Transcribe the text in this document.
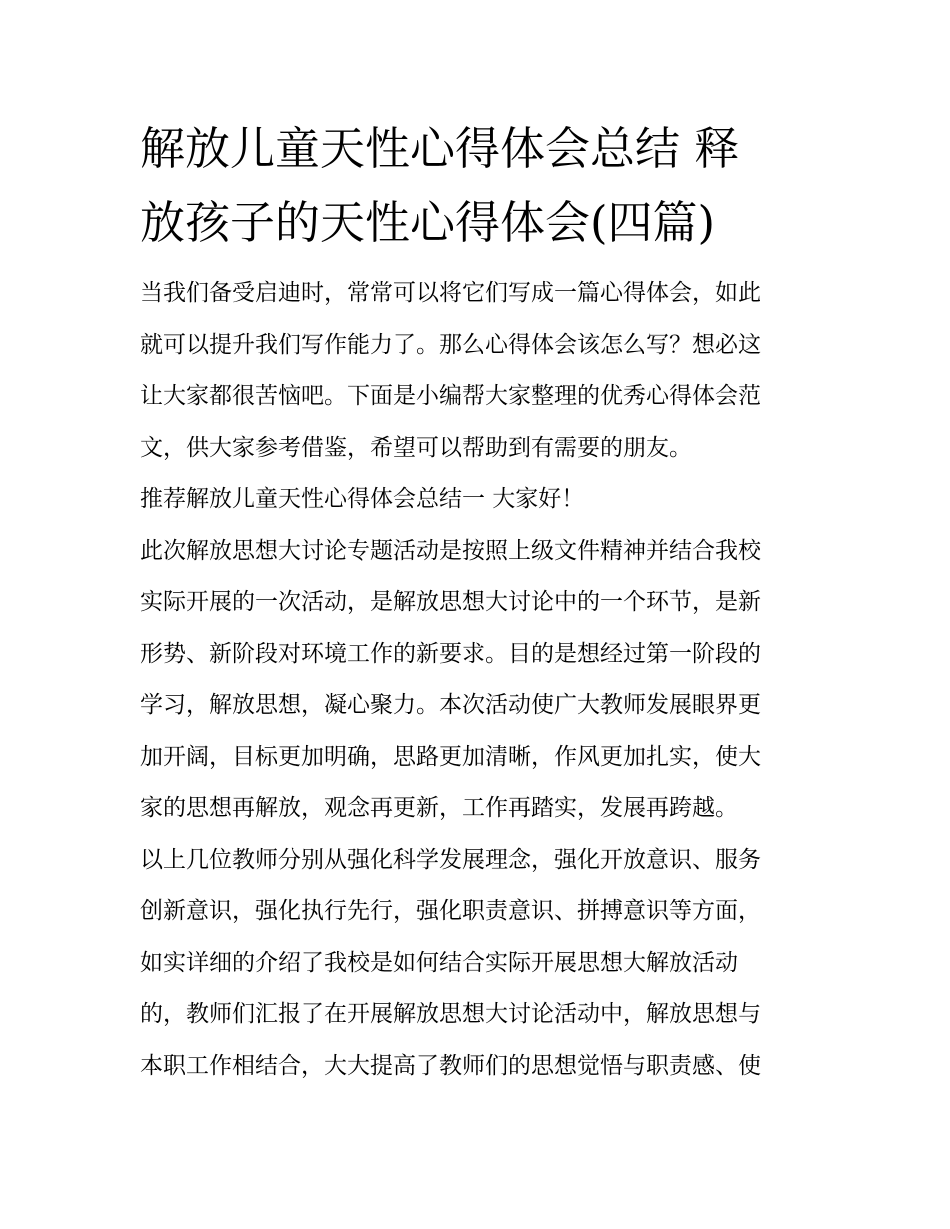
解放儿童天性心得体会总结 释
放孩子的天性心得体会(四篇)

当我们备受启迪时，常常可以将它们写成一篇心得体会，如此
就可以提升我们写作能力了。那么心得体会该怎么写？想必这
让大家都很苦恼吧。下面是小编帮大家整理的优秀心得体会范
文，供大家参考借鉴，希望可以帮助到有需要的朋友。

推荐解放儿童天性心得体会总结一 大家好！

此次解放思想大讨论专题活动是按照上级文件精神并结合我校
实际开展的一次活动，是解放思想大讨论中的一个环节，是新
形势、新阶段对环境工作的新要求。目的是想经过第一阶段的
学习，解放思想，凝心聚力。本次活动使广大教师发展眼界更
加开阔，目标更加明确，思路更加清晰，作风更加扎实，使大
家的思想再解放，观念再更新，工作再踏实，发展再跨越。

以上几位教师分别从强化科学发展理念，强化开放意识、服务
创新意识，强化执行先行，强化职责意识、拼搏意识等方面，
如实详细的介绍了我校是如何结合实际开展思想大解放活动
的，教师们汇报了在开展解放思想大讨论活动中，解放思想与
本职工作相结合，大大提高了教师们的思想觉悟与职责感、使
